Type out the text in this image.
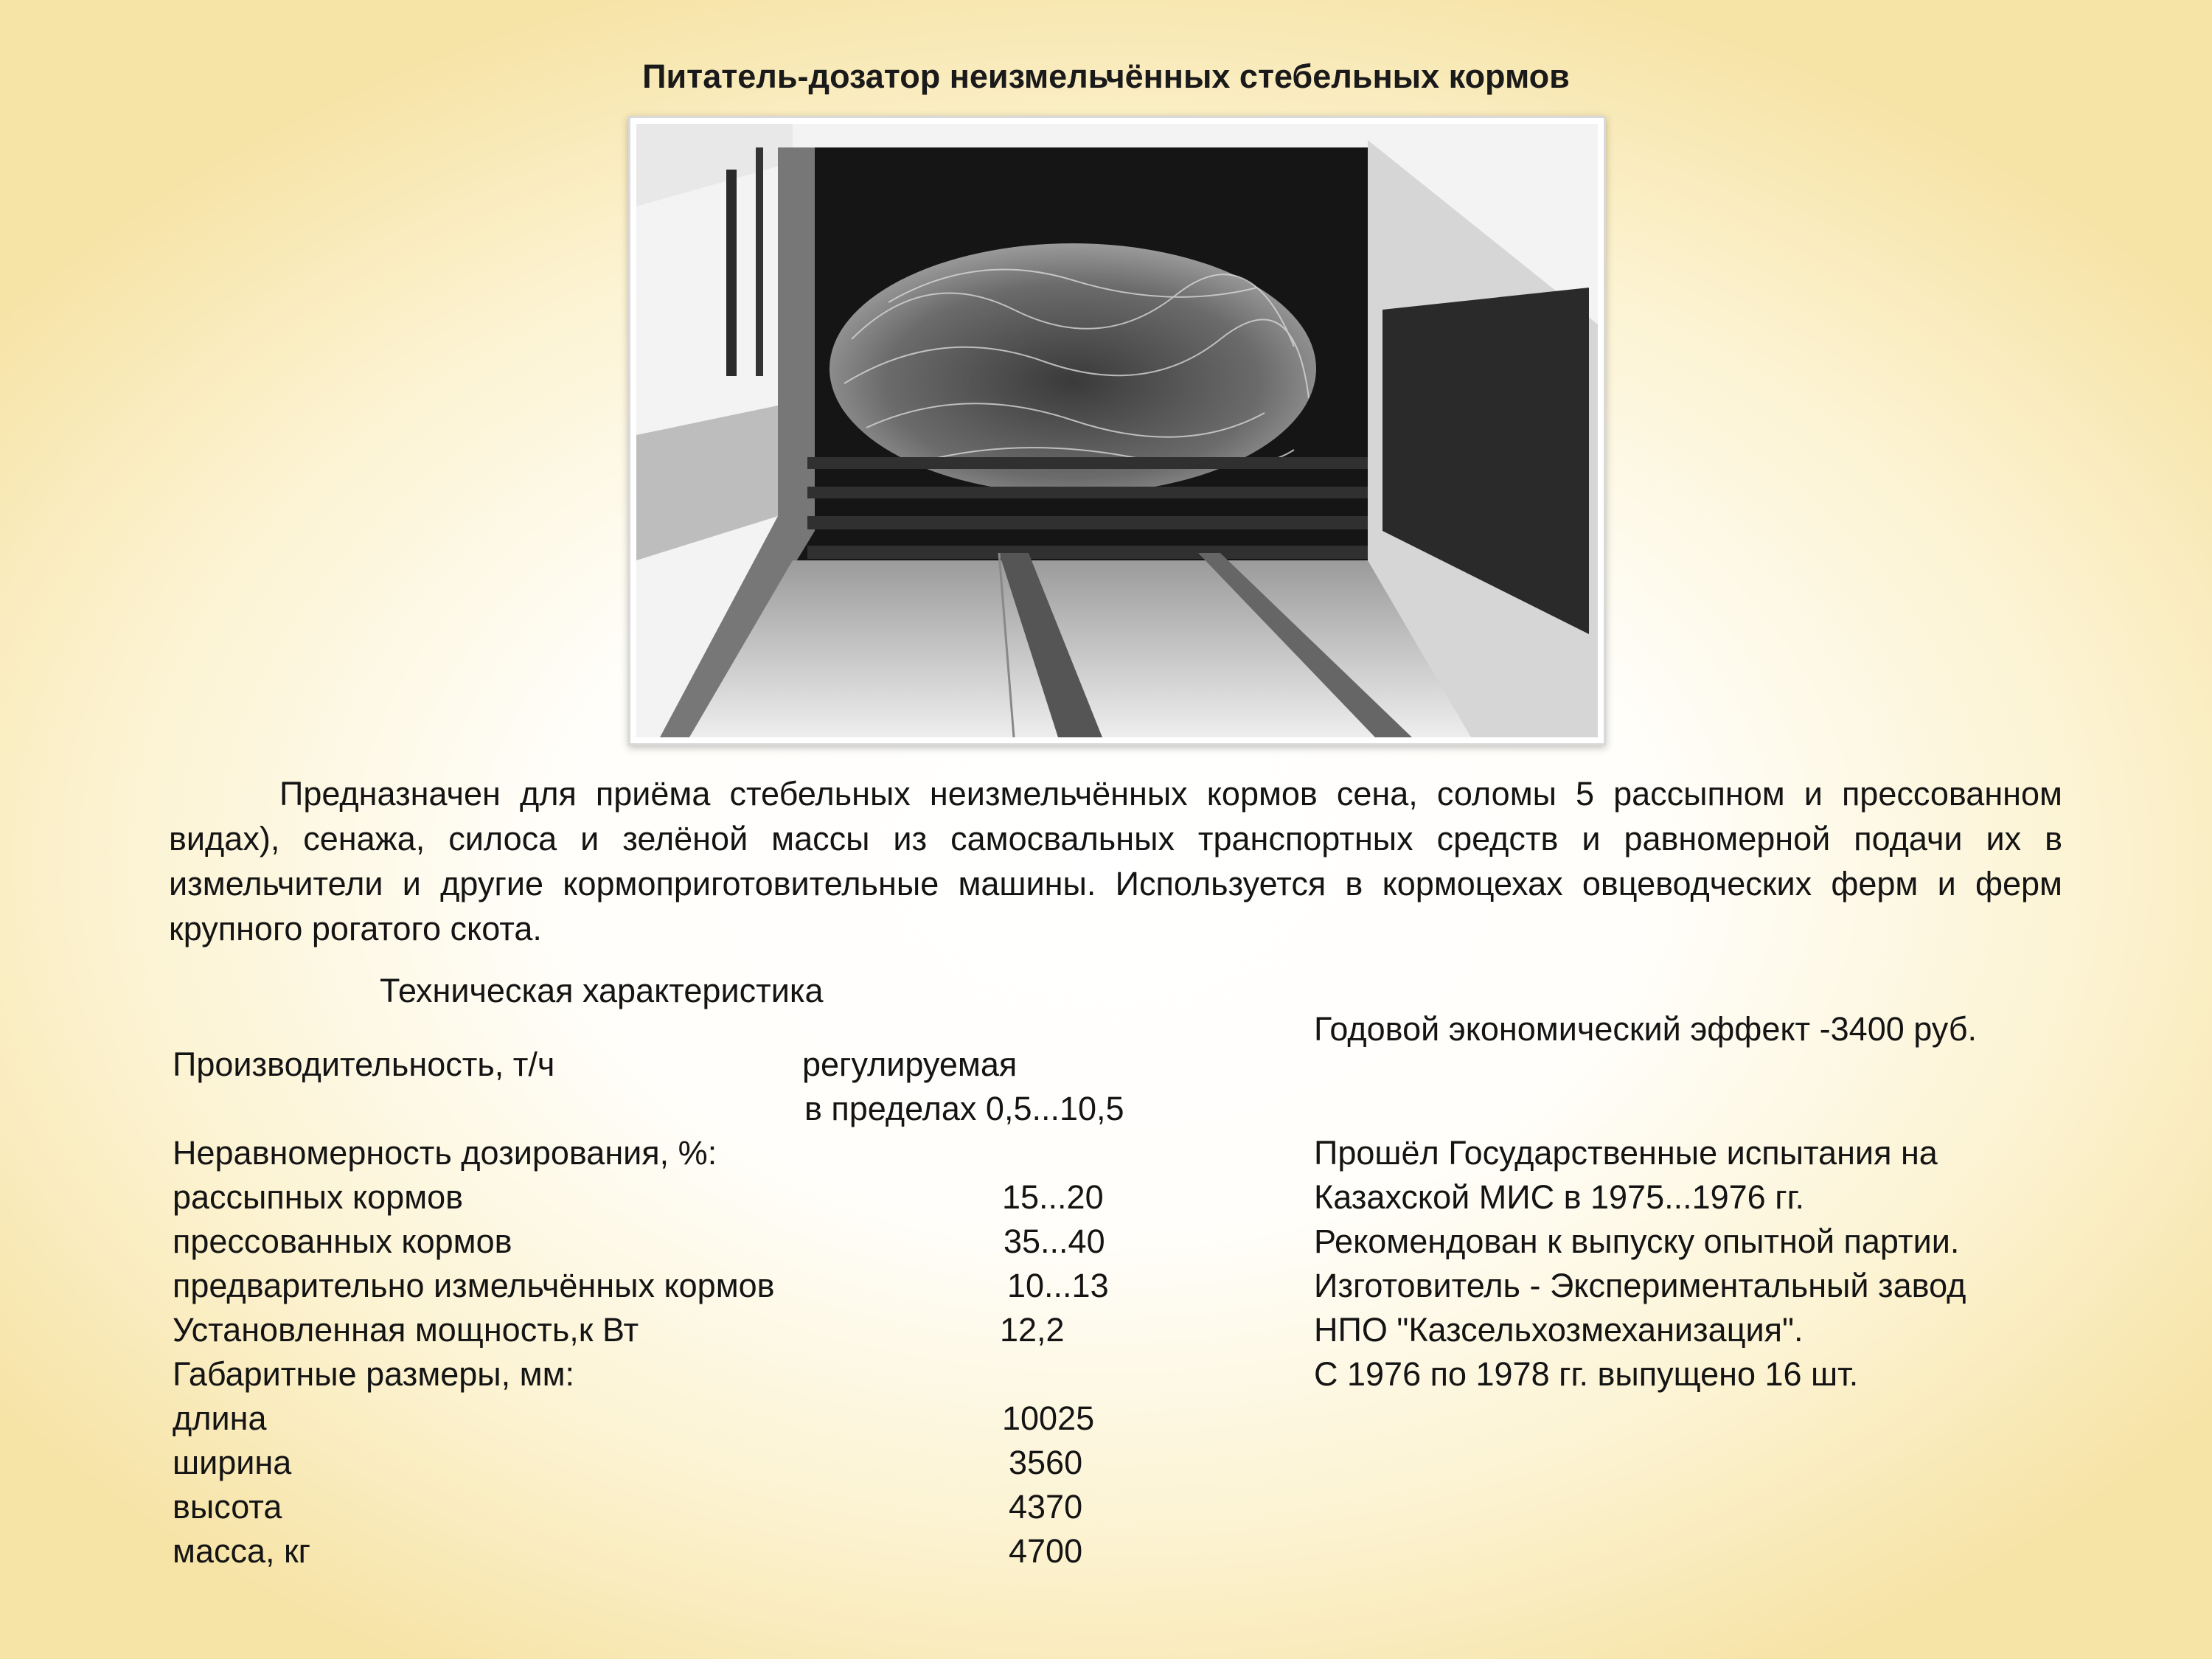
Питатель-дозатор неизмельчённых стебельных кормов
Предназначен для приёма стебельных неизмельчённых кормов сена, соломы 5 рассыпном и прессованном видах), сенажа, силоса и зелёной массы из самосвальных транспортных средств и равномерной подачи их в измельчители и другие кормоприготовительные машины. Используется в кормоцехах овцеводческих ферм и ферм крупного рогатого скота.
Техническая характеристика
Производительность, т/ч
Неравномерность дозирования, %:
рассыпных кормов
прессованных кормов
предварительно измельчённых кормов
Установленная мощность,к Вт
Габаритные размеры, мм:
длина
ширина
высота
масса, кг
регулируемая
в пределах 0,5...10,5
15...20
35...40
10...13
12,2
10025
3560
4370
4700
Годовой экономический эффект -3400 руб.
Прошёл Государственные испытания на
Казахской МИС в 1975...1976 гг.
Рекомендован к выпуску опытной партии.
Изготовитель - Экспериментальный завод
НПО "Казсельхозмеханизация".
С 1976 по 1978 гг. выпущено 16 шт.
